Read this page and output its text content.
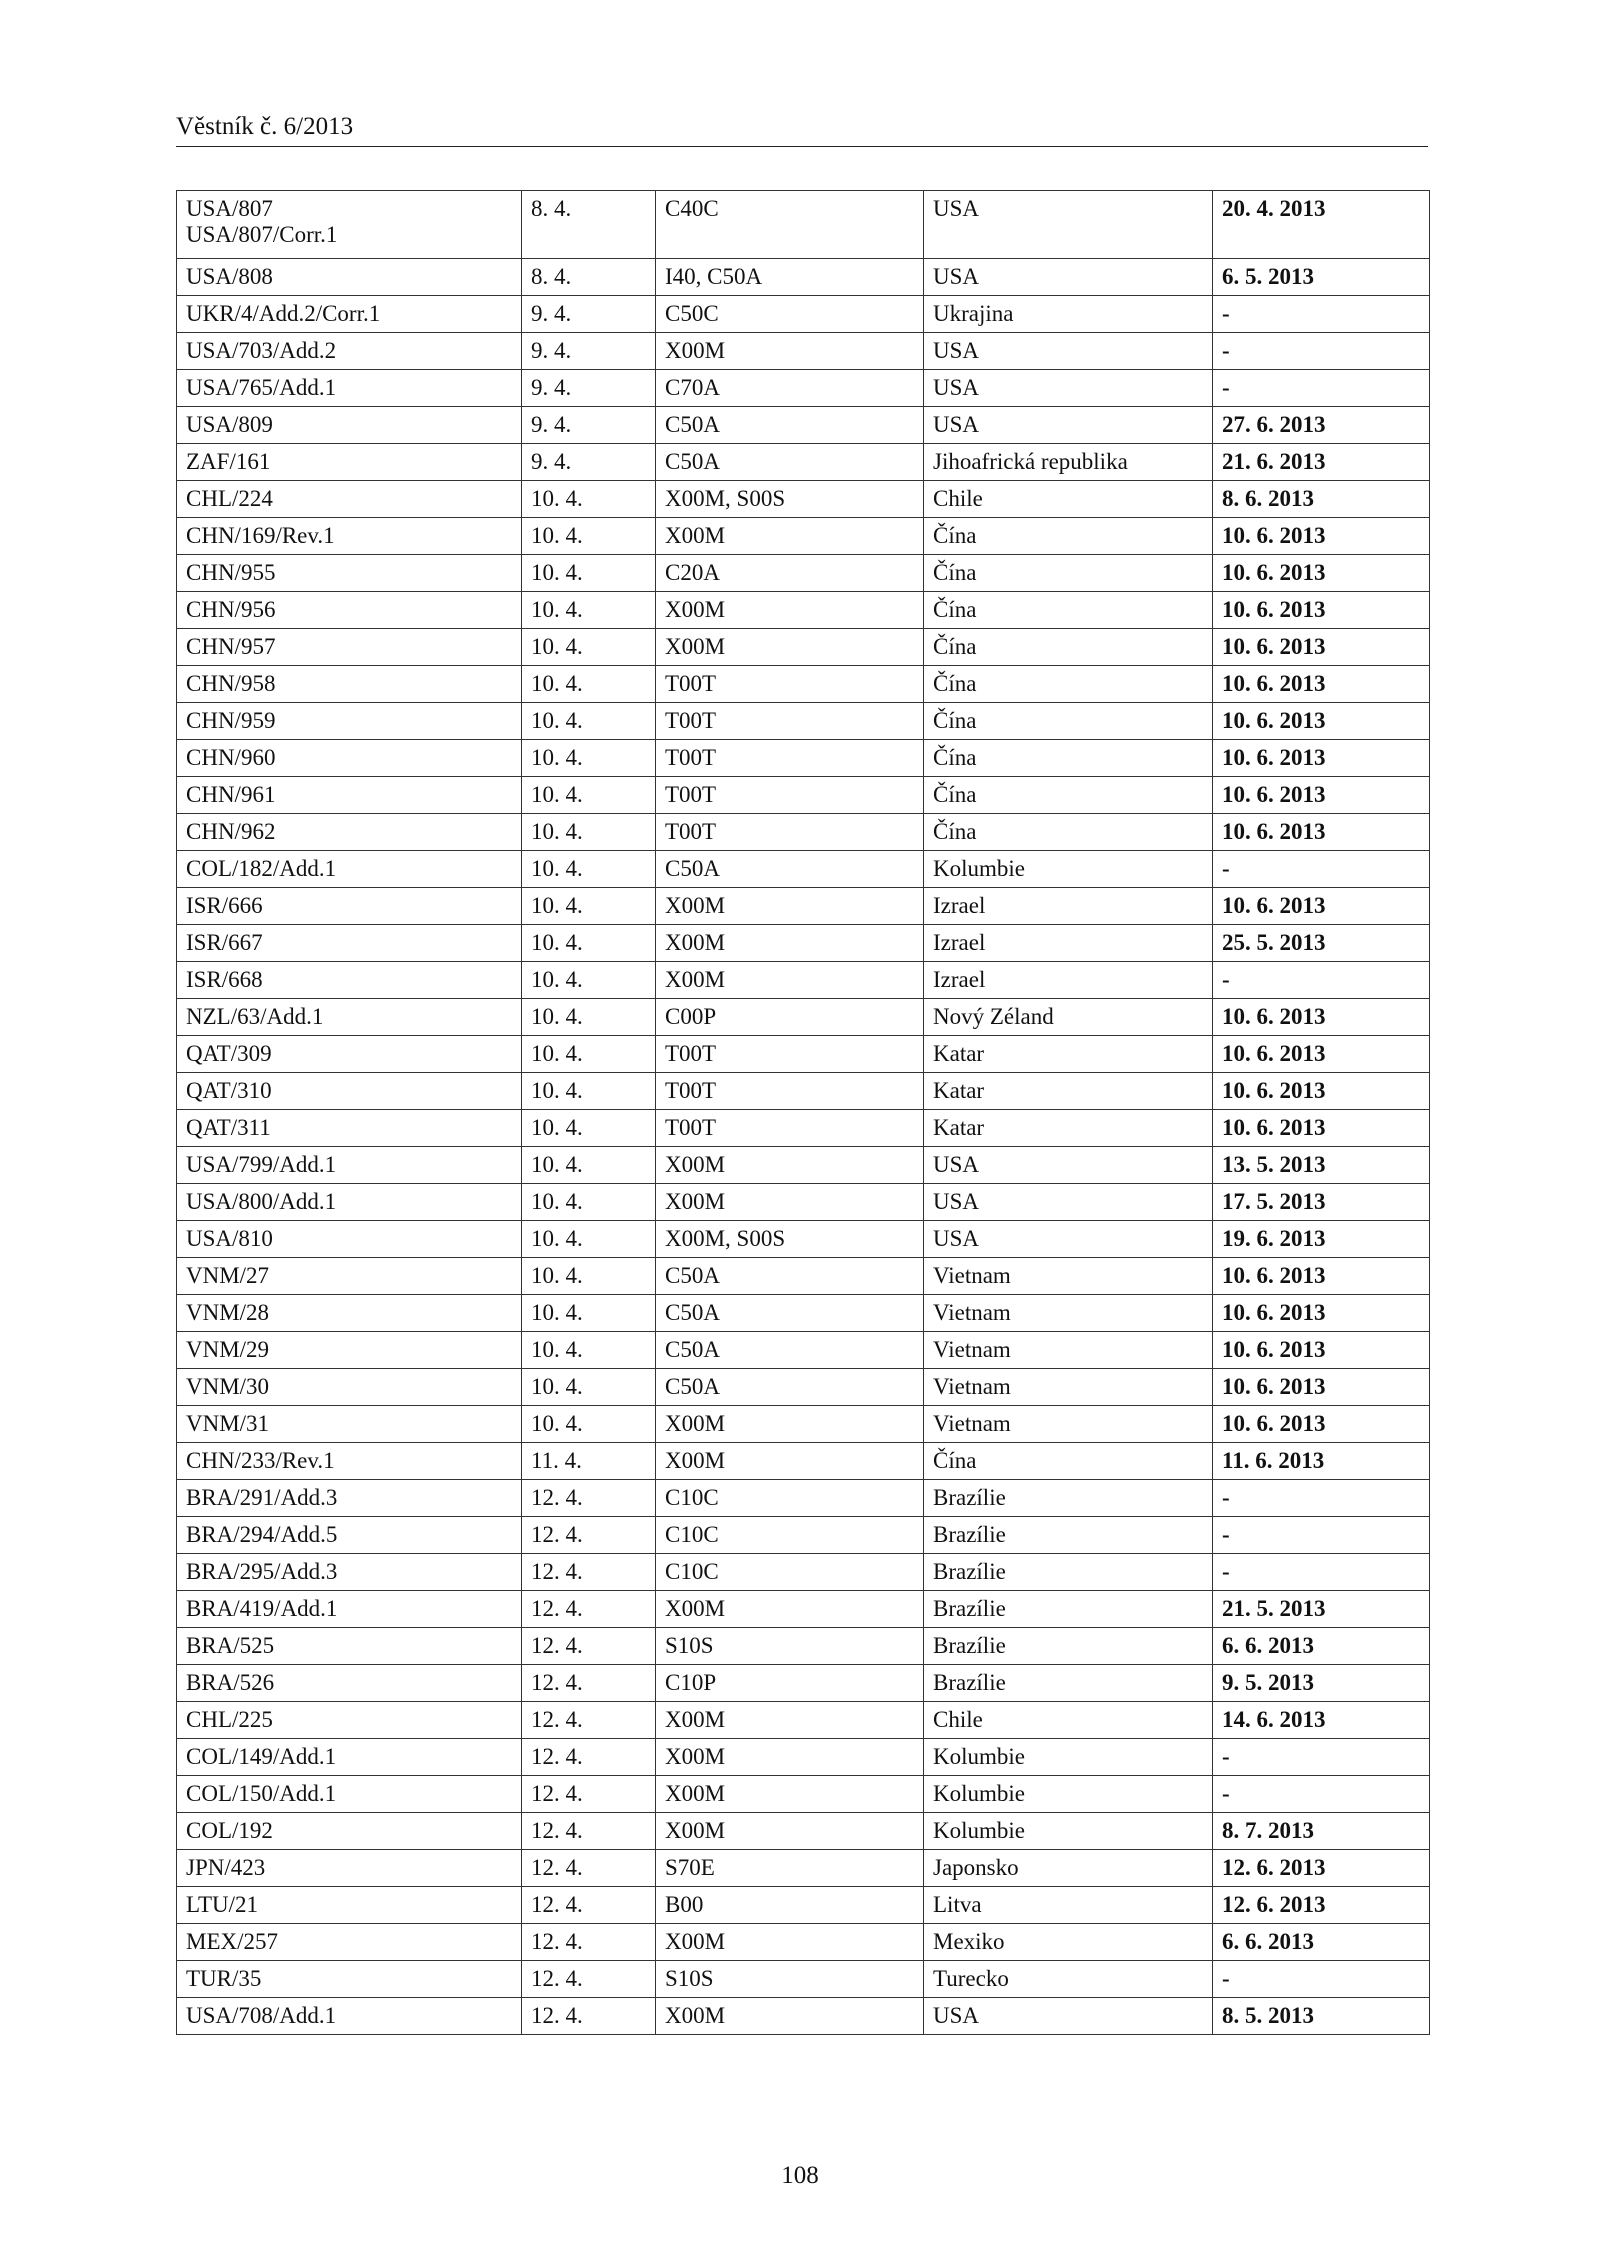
Věstník č. 6/2013
USA/807
USA/807/Corr.1	8. 4.	C40C	USA	20. 4. 2013

USA/808	8. 4.	I40, C50A	USA	6. 5. 2013

UKR/4/Add.2/Corr.1	9. 4.	C50C	Ukrajina	-

USA/703/Add.2	9. 4.	X00M	USA	-

USA/765/Add.1	9. 4.	C70A	USA	-

USA/809	9. 4.	C50A	USA	27. 6. 2013

ZAF/161	9. 4.	C50A	Jihoafrická republika	21. 6. 2013

CHL/224	10. 4.	X00M, S00S	Chile	8. 6. 2013

CHN/169/Rev.1	10. 4.	X00M	Čína	10. 6. 2013

CHN/955	10. 4.	C20A	Čína	10. 6. 2013

CHN/956	10. 4.	X00M	Čína	10. 6. 2013

CHN/957	10. 4.	X00M	Čína	10. 6. 2013

CHN/958	10. 4.	T00T	Čína	10. 6. 2013

CHN/959	10. 4.	T00T	Čína	10. 6. 2013

CHN/960	10. 4.	T00T	Čína	10. 6. 2013

CHN/961	10. 4.	T00T	Čína	10. 6. 2013

CHN/962	10. 4.	T00T	Čína	10. 6. 2013

COL/182/Add.1	10. 4.	C50A	Kolumbie	-

ISR/666	10. 4.	X00M	Izrael	10. 6. 2013

ISR/667	10. 4.	X00M	Izrael	25. 5. 2013

ISR/668	10. 4.	X00M	Izrael	-

NZL/63/Add.1	10. 4.	C00P	Nový Zéland	10. 6. 2013

QAT/309	10. 4.	T00T	Katar	10. 6. 2013

QAT/310	10. 4.	T00T	Katar	10. 6. 2013

QAT/311	10. 4.	T00T	Katar	10. 6. 2013

USA/799/Add.1	10. 4.	X00M	USA	13. 5. 2013

USA/800/Add.1	10. 4.	X00M	USA	17. 5. 2013

USA/810	10. 4.	X00M, S00S	USA	19. 6. 2013

VNM/27	10. 4.	C50A	Vietnam	10. 6. 2013

VNM/28	10. 4.	C50A	Vietnam	10. 6. 2013

VNM/29	10. 4.	C50A	Vietnam	10. 6. 2013

VNM/30	10. 4.	C50A	Vietnam	10. 6. 2013

VNM/31	10. 4.	X00M	Vietnam	10. 6. 2013

CHN/233/Rev.1	11. 4.	X00M	Čína	11. 6. 2013

BRA/291/Add.3	12. 4.	C10C	Brazílie	-

BRA/294/Add.5	12. 4.	C10C	Brazílie	-

BRA/295/Add.3	12. 4.	C10C	Brazílie	-

BRA/419/Add.1	12. 4.	X00M	Brazílie	21. 5. 2013

BRA/525	12. 4.	S10S	Brazílie	6. 6. 2013

BRA/526	12. 4.	C10P	Brazílie	9. 5. 2013

CHL/225	12. 4.	X00M	Chile	14. 6. 2013

COL/149/Add.1	12. 4.	X00M	Kolumbie	-

COL/150/Add.1	12. 4.	X00M	Kolumbie	-

COL/192	12. 4.	X00M	Kolumbie	8. 7. 2013

JPN/423	12. 4.	S70E	Japonsko	12. 6. 2013

LTU/21	12. 4.	B00	Litva	12. 6. 2013

MEX/257	12. 4.	X00M	Mexiko	6. 6. 2013

TUR/35	12. 4.	S10S	Turecko	-

USA/708/Add.1	12. 4.	X00M	USA	8. 5. 2013
108
